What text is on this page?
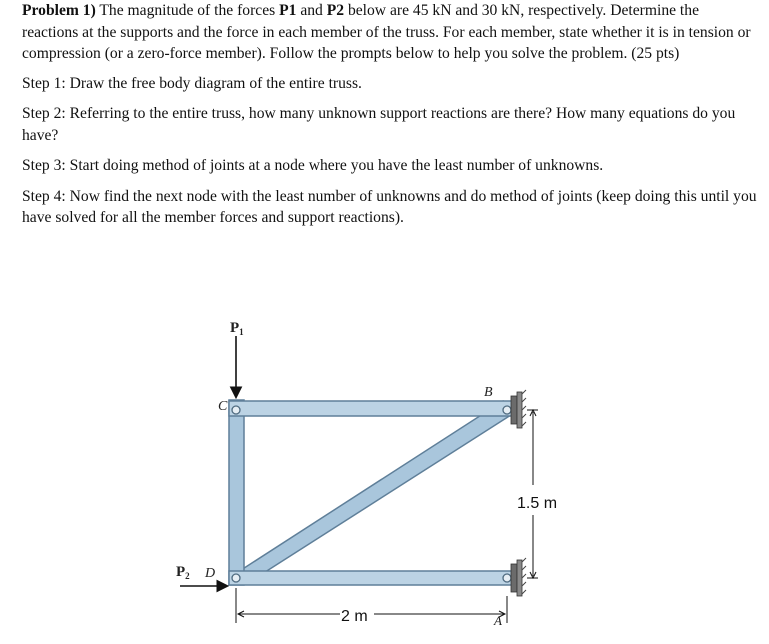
Problem 1) The magnitude of the forces P1 and P2 below are 45 kN and 30 kN, respectively. Determine the reactions at the supports and the force in each member of the truss. For each member, state whether it is in tension or compression (or a zero-force member). Follow the prompts below to help you solve the problem. (25 pts)

Step 1: Draw the free body diagram of the entire truss.

Step 2: Referring to the entire truss, how many unknown support reactions are there? How many equations do you have?

Step 3: Start doing method of joints at a node where you have the least number of unknowns.

Step 4: Now find the next node with the least number of unknowns and do method of joints (keep doing this until you have solved for all the member forces and support reactions).

$P_1$
$P_2$
C
B
D
A
1.5 m
2 m
